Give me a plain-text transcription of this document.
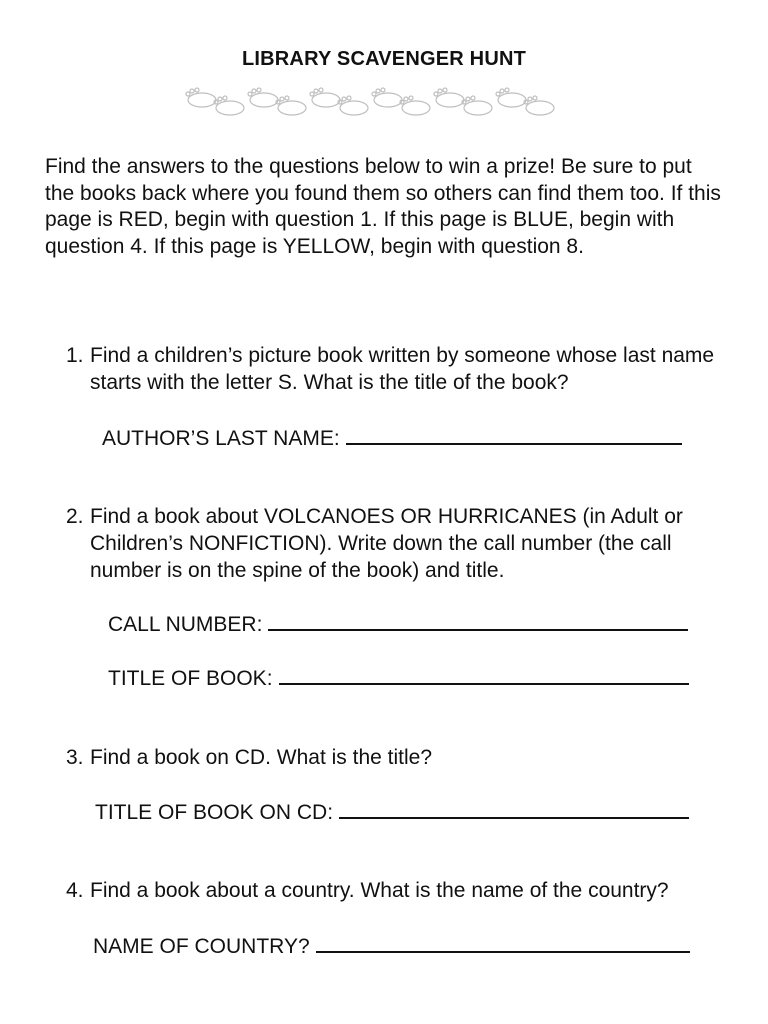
LIBRARY SCAVENGER HUNT

Find the answers to the questions below to win a prize! Be sure to put the books back where you found them so others can find them too. If this page is RED, begin with question 1. If this page is BLUE, begin with question 4. If this page is YELLOW, begin with question 8.

1. Find a children’s picture book written by someone whose last name starts with the letter S. What is the title of the book?
AUTHOR’S LAST NAME:
2. Find a book about VOLCANOES OR HURRICANES (in Adult or Children’s NONFICTION). Write down the call number (the call number is on the spine of the book) and title.
CALL NUMBER:
TITLE OF BOOK:
3. Find a book on CD. What is the title?
TITLE OF BOOK ON CD:
4. Find a book about a country. What is the name of the country?
NAME OF COUNTRY?
